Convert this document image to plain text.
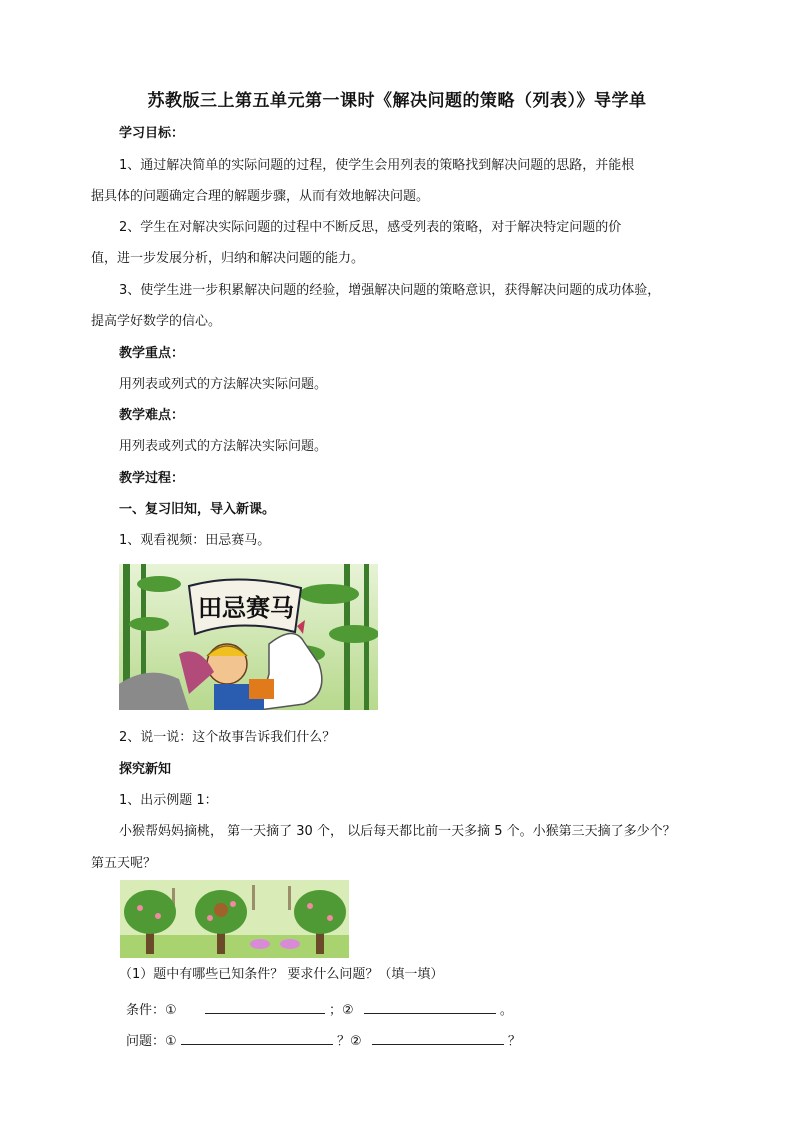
苏教版三上第五单元第一课时《解决问题的策略（列表）》导学单
学习目标：
1、通过解决简单的实际问题的过程，使学生会用列表的策略找到解决问题的思路，并能根
据具体的问题确定合理的解题步骤，从而有效地解决问题。
2、学生在对解决实际问题的过程中不断反思，感受列表的策略，对于解决特定问题的价
值，进一步发展分析，归纳和解决问题的能力。
3、使学生进一步积累解决问题的经验，增强解决问题的策略意识，获得解决问题的成功体验，
提高学好数学的信心。
教学重点：
用列表或列式的方法解决实际问题。
教学难点：
用列表或列式的方法解决实际问题。
教学过程：
一、复习旧知，导入新课。
1、观看视频：田忌赛马。
田忌赛马
2、说一说：这个故事告诉我们什么？
探究新知
1、出示例题 1：
小猴帮妈妈摘桃， 第一天摘了 30 个， 以后每天都比前一天多摘 5 个。小猴第三天摘了多少个？
第五天呢？
（1）题中有哪些已知条件？ 要求什么问题？（填一填）
条件：①	；②	。
问题：①	？②	？
